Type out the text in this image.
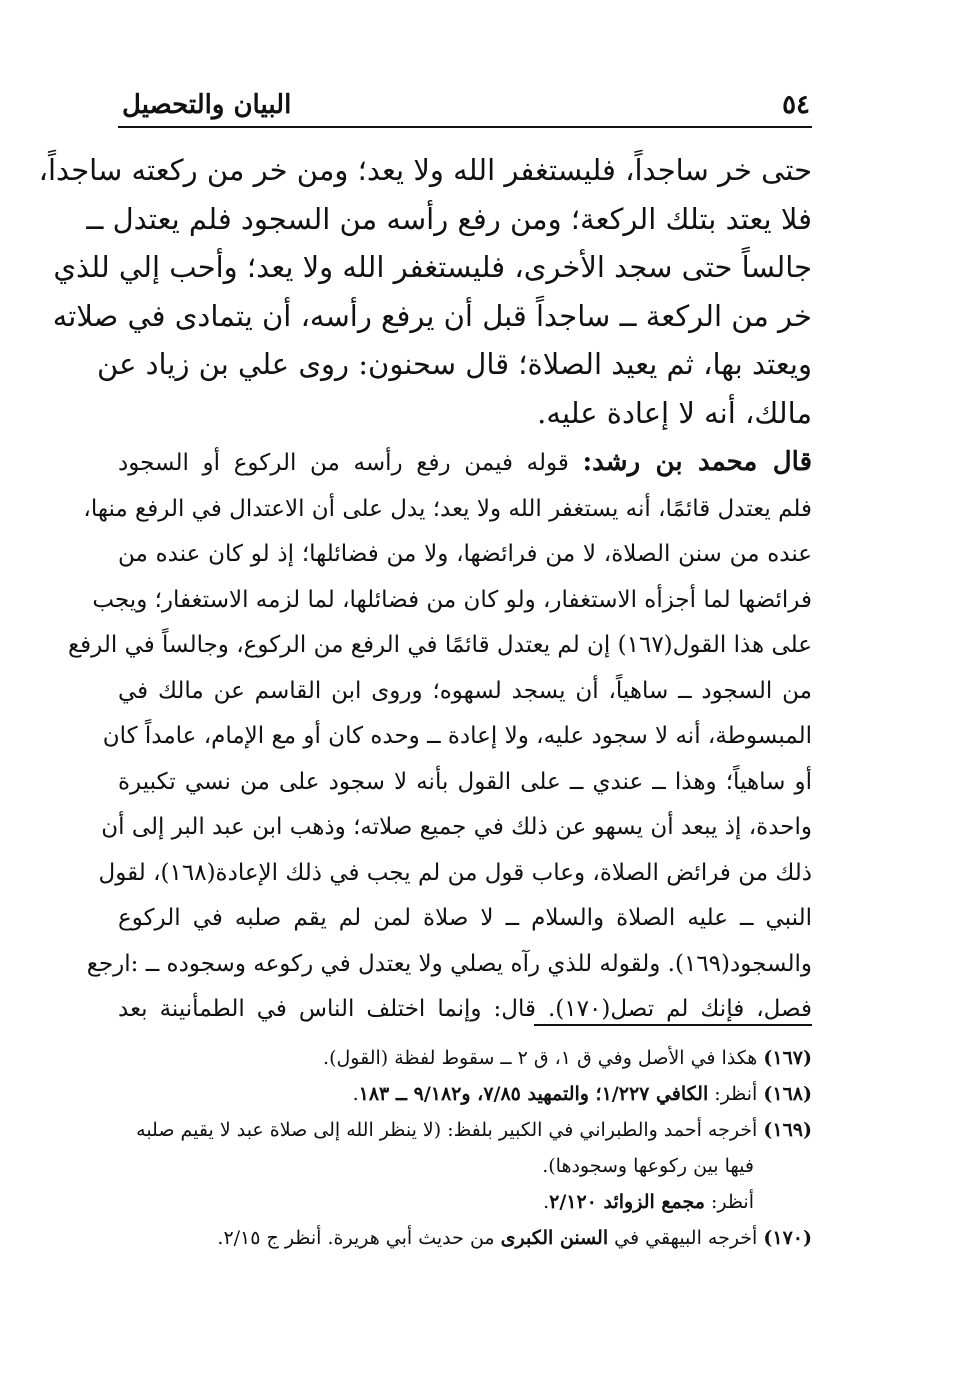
٥٤
البيان والتحصيل
حتى خر ساجداً، فليستغفر الله ولا يعد؛ ومن خر من ركعته ساجداً،
فلا يعتد بتلك الركعة؛ ومن رفع رأسه من السجود فلم يعتدل ــ
جالساً حتى سجد الأخرى، فليستغفر الله ولا يعد؛ وأحب إلي للذي
خر من الركعة ــ ساجداً قبل أن يرفع رأسه، أن يتمادى في صلاته
ويعتد بها، ثم يعيد الصلاة؛ قال سحنون: روى علي بن زياد عن
مالك، أنه لا إعادة عليه.
قال محمد بن رشد: قوله فيمن رفع رأسه من الركوع أو السجود
فلم يعتدل قائمًا، أنه يستغفر الله ولا يعد؛ يدل على أن الاعتدال في الرفع منها،
عنده من سنن الصلاة، لا من فرائضها، ولا من فضائلها؛ إذ لو كان عنده من
فرائضها لما أجزأه الاستغفار، ولو كان من فضائلها، لما لزمه الاستغفار؛ ويجب
على هذا القول(١٦٧) إن لم يعتدل قائمًا في الرفع من الركوع، وجالساً في الرفع
من السجود ــ ساهياً، أن يسجد لسهوه؛ وروى ابن القاسم عن مالك في
المبسوطة، أنه لا سجود عليه، ولا إعادة ــ وحده كان أو مع الإمام، عامداً كان
أو ساهياً؛ وهذا ــ عندي ــ على القول بأنه لا سجود على من نسي تكبيرة
واحدة، إذ يبعد أن يسهو عن ذلك في جميع صلاته؛ وذهب ابن عبد البر إلى أن
ذلك من فرائض الصلاة، وعاب قول من لم يجب في ذلك الإعادة(١٦٨)، لقول
النبي ــ عليه الصلاة والسلام ــ لا صلاة لمن لم يقم صلبه في الركوع
والسجود(١٦٩). ولقوله للذي رآه يصلي ولا يعتدل في ركوعه وسجوده ــ :ارجع
فصل، فإنك لم تصل(١٧٠). قال: وإنما اختلف الناس في الطمأنينة بعد
(١٦٧) هكذا في الأصل وفي ق ١، ق ٢ ــ سقوط لفظة (القول).
(١٦٨) أنظر: الكافي ١/٢٢٧؛ والتمهيد ٧/٨٥، و٩/١٨٢ ــ ١٨٣.
(١٦٩) أخرجه أحمد والطبراني في الكبير بلفظ: (لا ينظر الله إلى صلاة عبد لا يقيم صلبه
فيها بين ركوعها وسجودها).
أنظر: مجمع الزوائد ٢/١٢٠.
(١٧٠) أخرجه البيهقي في السنن الكبرى من حديث أبي هريرة. أنظر ج ٢/١٥.
